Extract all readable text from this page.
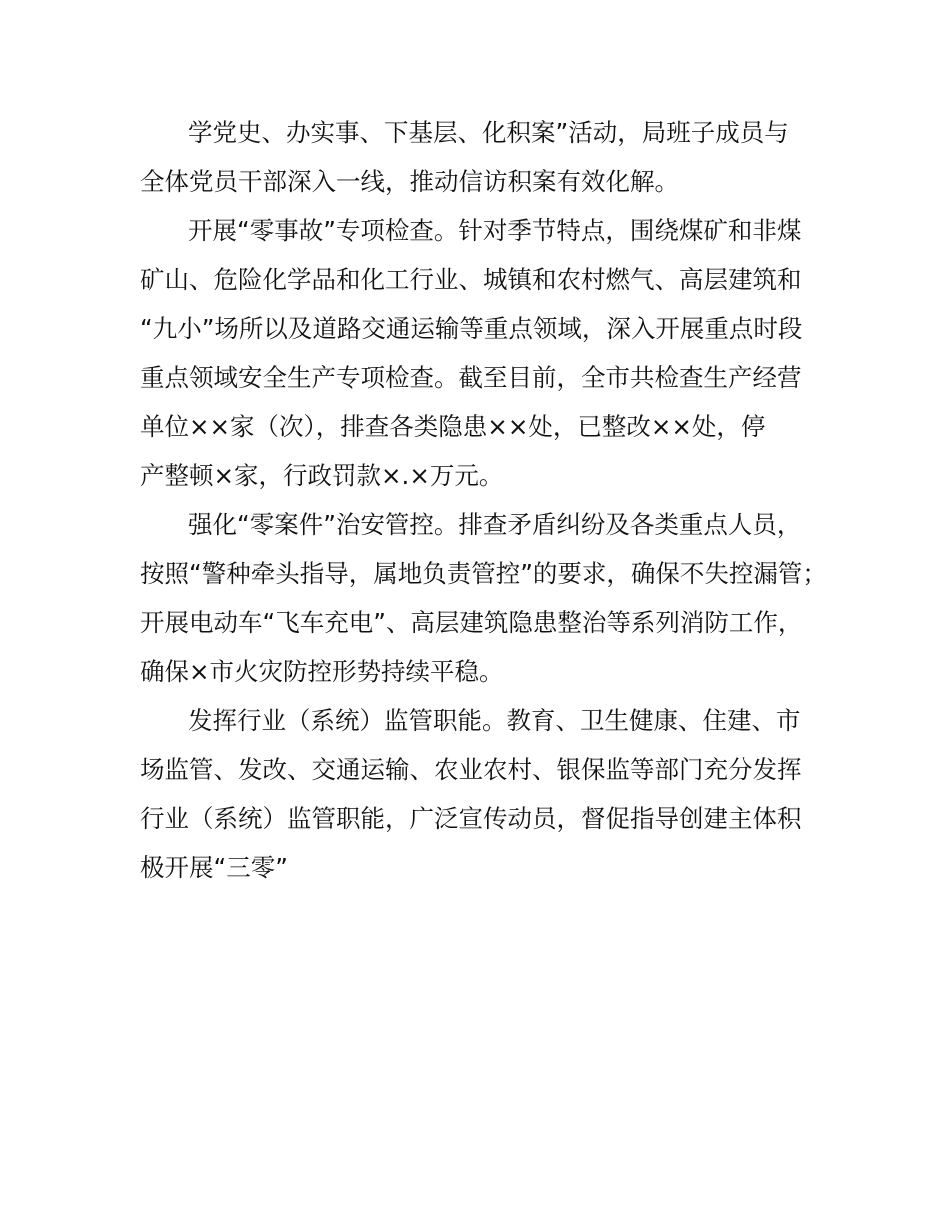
学党史、办实事、下基层、化积案”活动，局班子成员与
全体党员干部深入一线，推动信访积案有效化解。
开展“零事故”专项检查。针对季节特点，围绕煤矿和非煤
矿山、危险化学品和化工行业、城镇和农村燃气、高层建筑和
“九小”场所以及道路交通运输等重点领域，深入开展重点时段
重点领域安全生产专项检查。截至目前，全市共检查生产经营
单位××家（次），排查各类隐患××处，已整改××处，停
产整顿×家，行政罚款×.×万元。
强化“零案件”治安管控。排查矛盾纠纷及各类重点人员，
按照“警种牵头指导，属地负责管控”的要求，确保不失控漏管；
开展电动车“飞车充电”、高层建筑隐患整治等系列消防工作，
确保×市火灾防控形势持续平稳。
发挥行业（系统）监管职能。教育、卫生健康、住建、市
场监管、发改、交通运输、农业农村、银保监等部门充分发挥
行业（系统）监管职能，广泛宣传动员，督促指导创建主体积
极开展“三零”
